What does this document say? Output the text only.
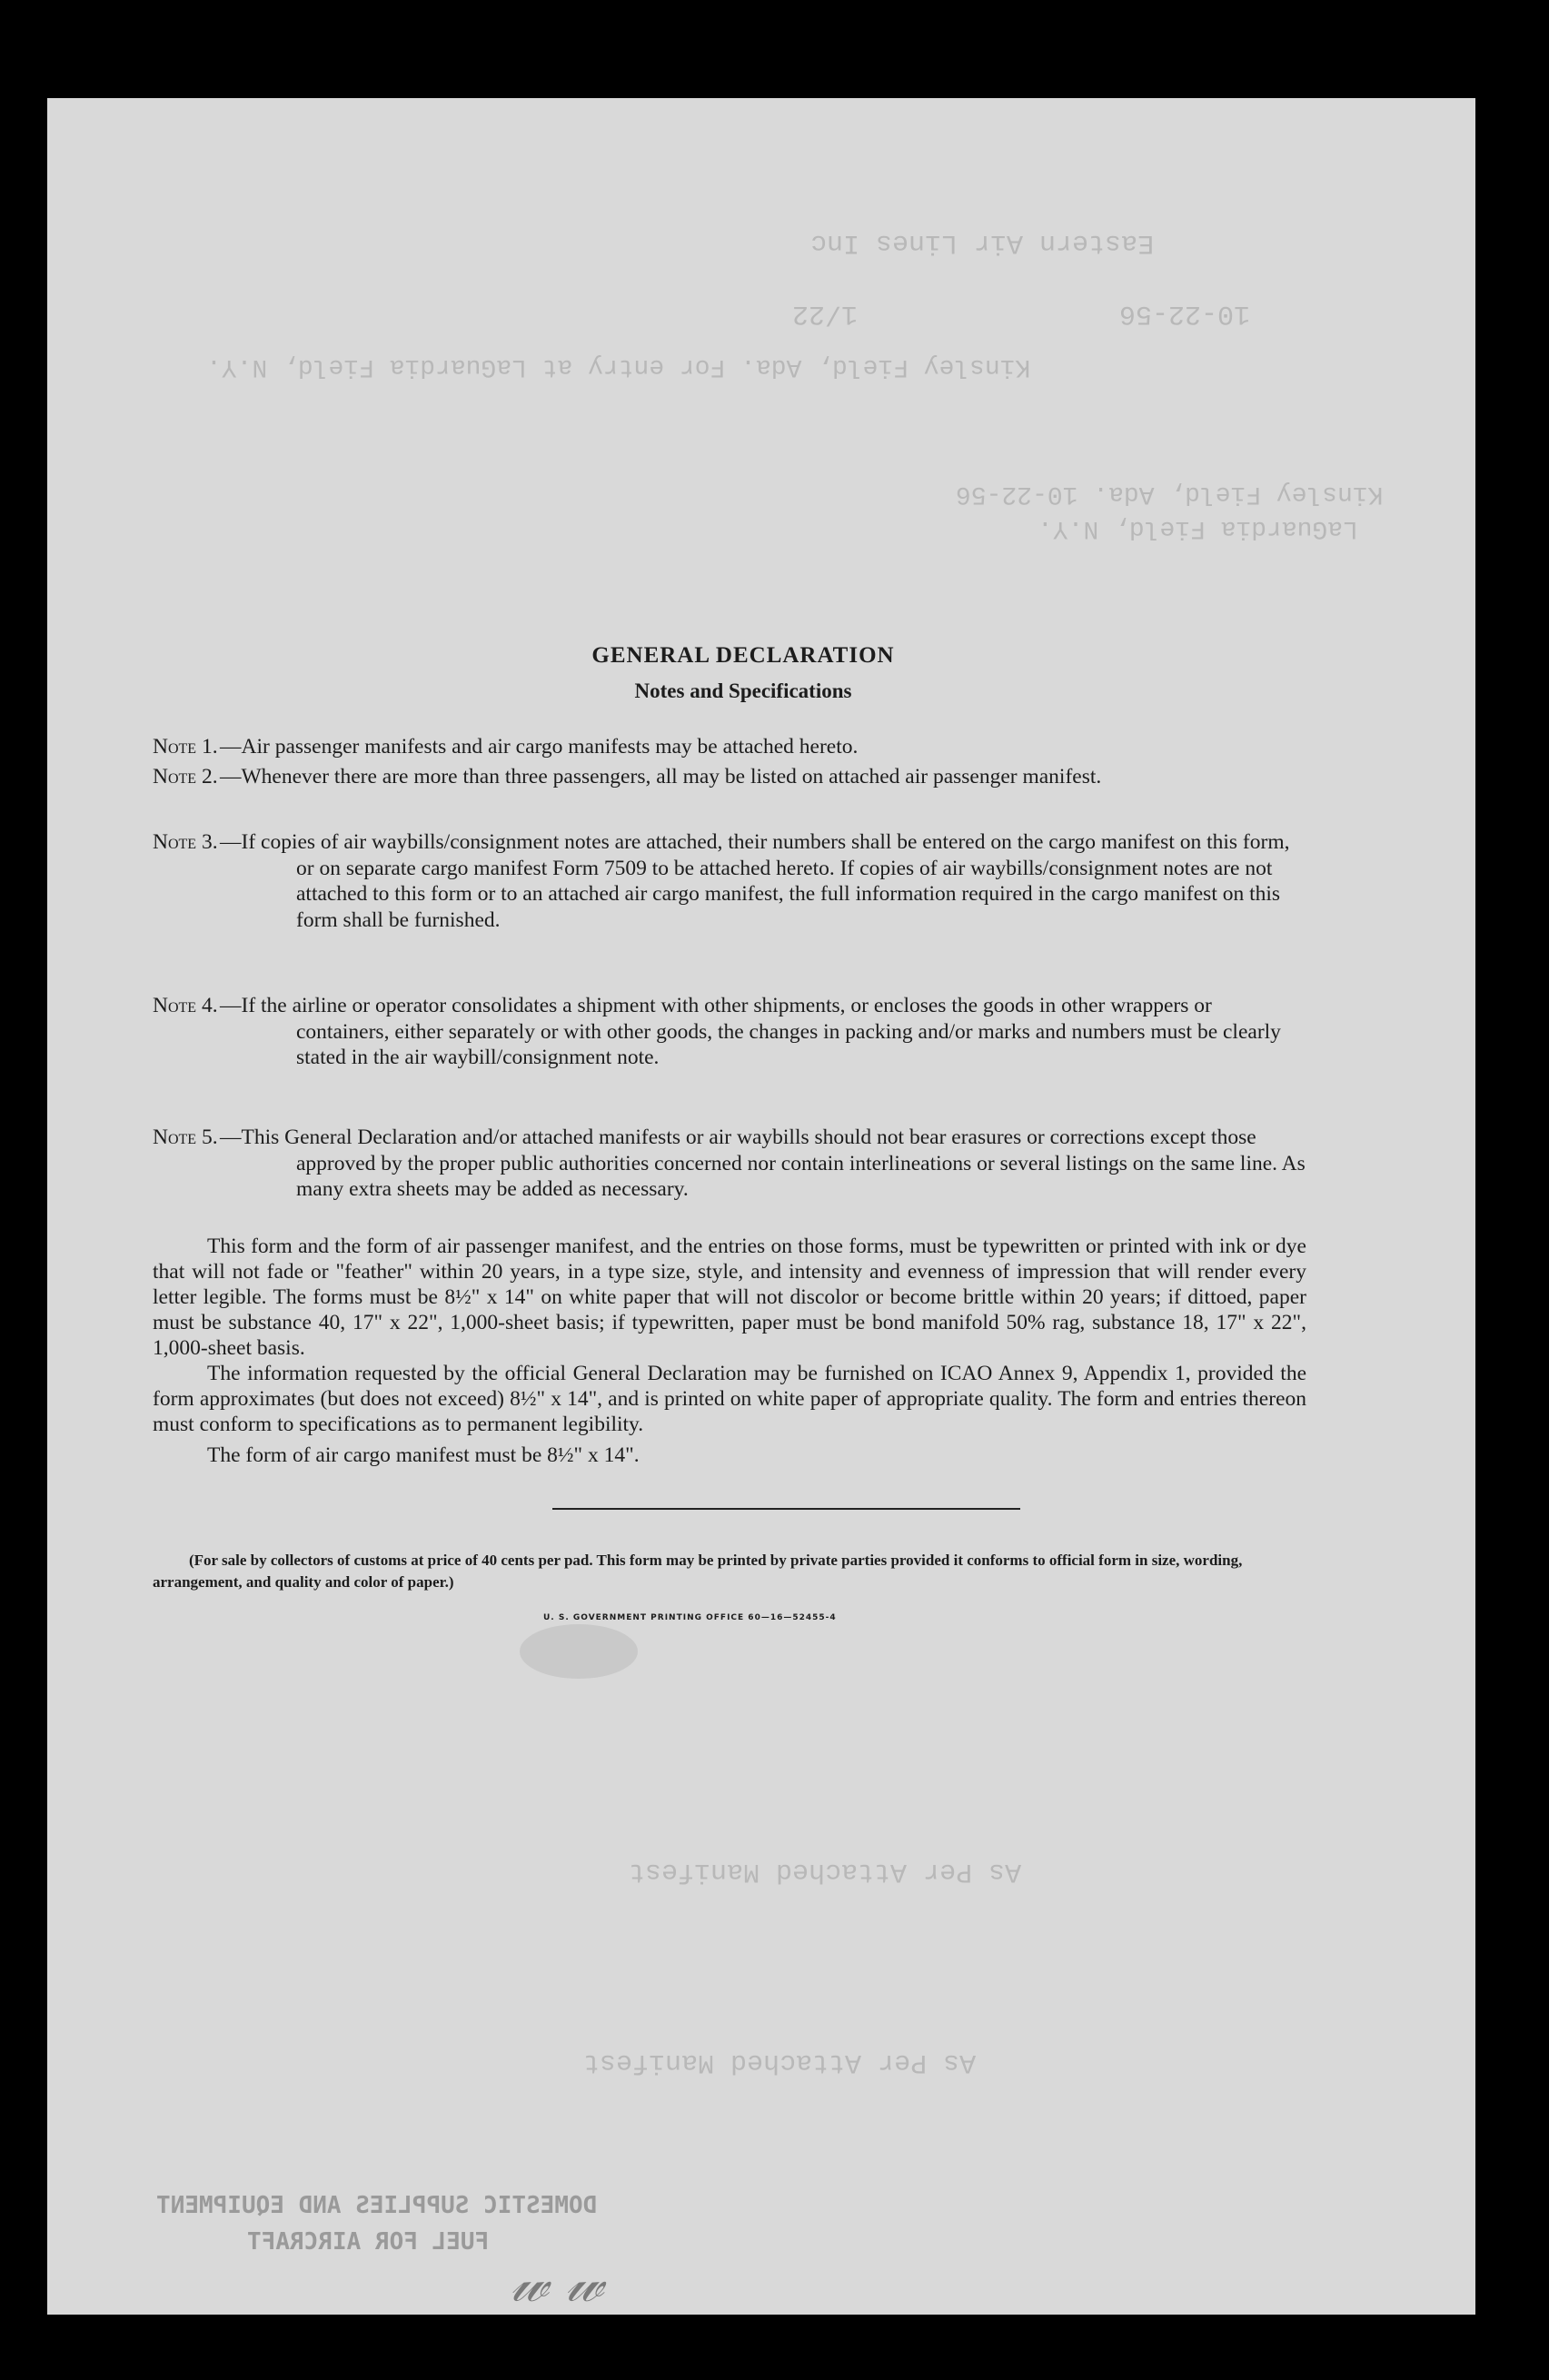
Eastern Air Lines Inc
10-22-56
1/22
Kinsley Field, Ada. For entry at LaGuardia Field, N.Y.
Kinsley Field, Ada. 10-22-56
LaGuardia Field, N.Y.
As Per Attached Manifest
As Per Attached Manifest
DOMESTIC SUPPLIES AND EQUIPMENT
FUEL FOR AIRCRAFT
𝓌 𝓌
GENERAL DECLARATION
Notes and Specifications
Note 1. —Air passenger manifests and air cargo manifests may be attached hereto.
Note 2. —Whenever there are more than three passengers, all may be listed on attached air passenger manifest.
Note 3. —If copies of air waybills/consignment notes are attached, their numbers shall be entered on the cargo manifest on this form, or on separate cargo manifest Form 7509 to be attached hereto. If copies of air waybills/consignment notes are not attached to this form or to an attached air cargo manifest, the full information required in the cargo manifest on this form shall be furnished.
Note 4. —If the airline or operator consolidates a shipment with other shipments, or encloses the goods in other wrappers or containers, either separately or with other goods, the changes in packing and/or marks and numbers must be clearly stated in the air waybill/consignment note.
Note 5. —This General Declaration and/or attached manifests or air waybills should not bear erasures or corrections except those approved by the proper public authorities concerned nor contain interlineations or several listings on the same line. As many extra sheets may be added as necessary.

This form and the form of air passenger manifest, and the entries on those forms, must be typewritten or printed with ink or dye that will not fade or "feather" within 20 years, in a type size, style, and intensity and evenness of impression that will render every letter legible. The forms must be 8½" x 14" on white paper that will not discolor or become brittle within 20 years; if dittoed, paper must be substance 40, 17" x 22", 1,000-sheet basis; if typewritten, paper must be bond manifold 50% rag, substance 18, 17" x 22", 1,000-sheet basis.

The information requested by the official General Declaration may be furnished on ICAO Annex 9, Appendix 1, provided the form approximates (but does not exceed) 8½" x 14", and is printed on white paper of appropriate quality. The form and entries thereon must conform to specifications as to permanent legibility.

The form of air cargo manifest must be 8½" x 14".

(For sale by collectors of customs at price of 40 cents per pad. This form may be printed by private parties provided it conforms to official form in size, wording, arrangement, and quality and color of paper.)

U. S. GOVERNMENT PRINTING OFFICE 60—16—52455-4
